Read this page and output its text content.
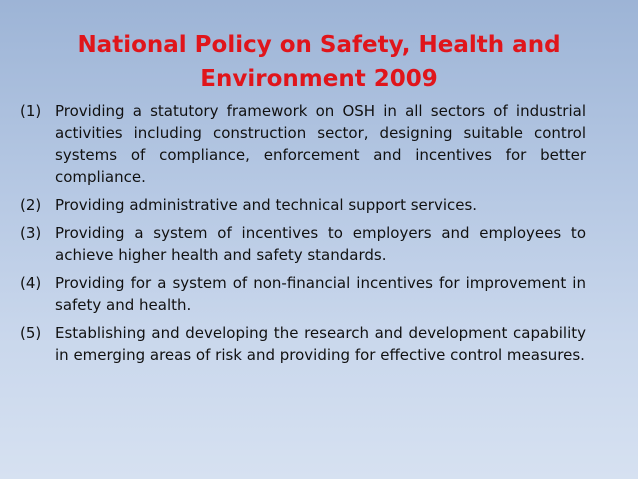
National Policy on Safety, Health and
Environment 2009
(1) Providing a statutory framework on OSH in all sectors of industrial activities including construction sector, designing suitable control systems of compliance, enforcement and incentives for better compliance.
(2) Providing administrative and technical support services.
(3) Providing a system of incentives to employers and employees to achieve higher health and safety standards.
(4) Providing for a system of non-financial incentives for improvement in safety and health.
(5) Establishing and developing the research and development capability in emerging areas of risk and providing for effective control measures.
